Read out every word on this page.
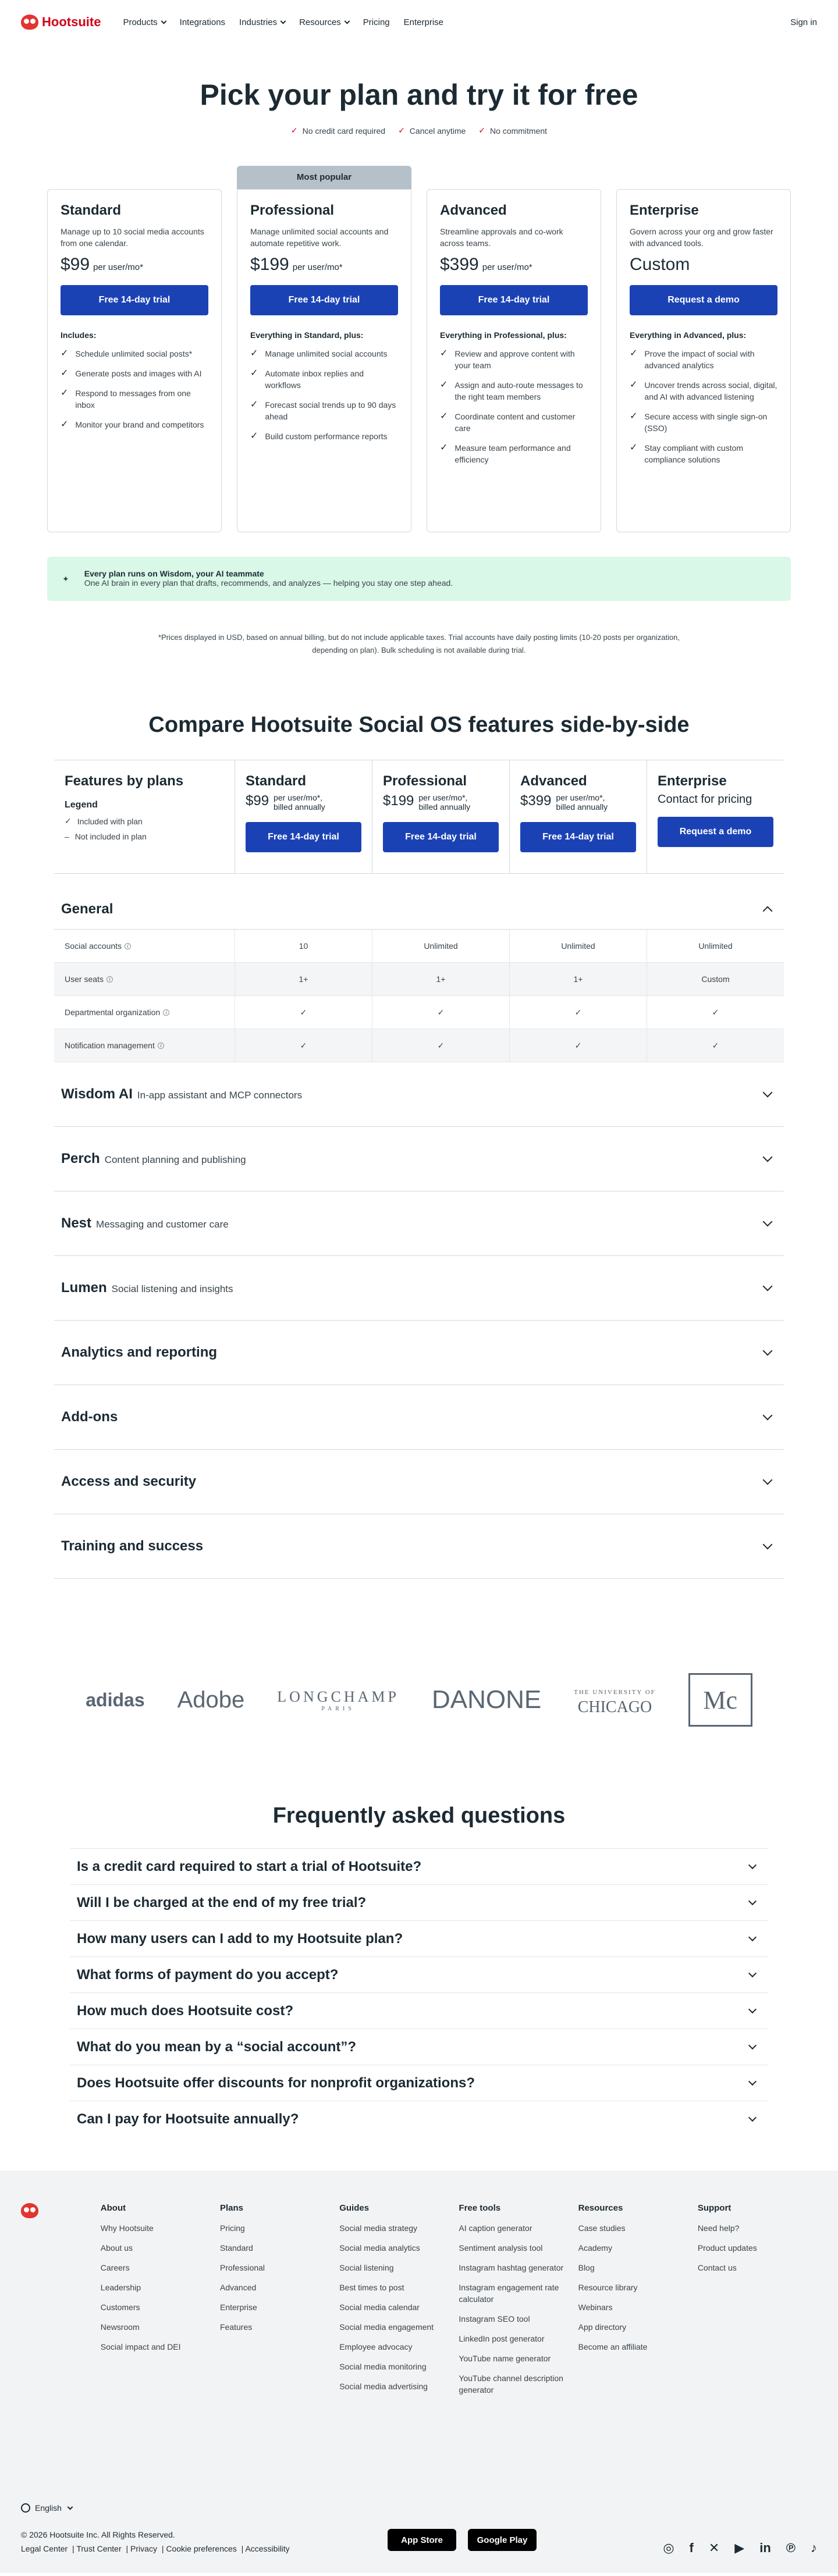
Hootsuite	Products	Integrations Industries	Resources	Pricing Enterprise	Sign in
Pick your plan and try it for free
✓ No credit card required ✓ Cancel anytime ✓ No commitment
Standard

Manage up to 10 social media accounts from one calendar.

$99 per user/mo*
Free 14-day trial

Includes:

✓ Schedule unlimited social posts*
✓ Generate posts and images with AI
✓ Respond to messages from one inbox
✓ Monitor your brand and competitors
Most popular
Professional

Manage unlimited social accounts and automate repetitive work.

$199 per user/mo*
Free 14-day trial

Everything in Standard, plus:

✓ Manage unlimited social accounts
✓ Automate inbox replies and workflows
✓ Forecast social trends up to 90 days ahead
✓ Build custom performance reports
Advanced

Streamline approvals and co-work across teams.

$399 per user/mo*
Free 14-day trial

Everything in Professional, plus:

✓ Review and approve content with your team
✓ Assign and auto-route messages to the right team members
✓ Coordinate content and customer care
✓ Measure team performance and efficiency
Enterprise

Govern across your org and grow faster with advanced tools.

Custom
Request a demo

Everything in Advanced, plus:

✓ Prove the impact of social with advanced analytics
✓ Uncover trends across social, digital, and AI with advanced listening
✓ Secure access with single sign-on (SSO)
✓ Stay compliant with custom compliance solutions
✦
Every plan runs on Wisdom, your AI teammate
One AI brain in every plan that drafts, recommends, and analyzes — helping you stay one step ahead.

*Prices displayed in USD, based on annual billing, but do not include applicable taxes. Trial accounts have daily posting limits (10-20 posts per organization, depending on plan). Bulk scheduling is not available during trial.

Compare Hootsuite Social OS features side-by-side
Features by plans

Legend

✓ Included with plan
– Not included in plan
Standard
$99 per user/mo*,
billed annually
Free 14-day trial
Professional
$199 per user/mo*,
billed annually
Free 14-day trial
Advanced
$399 per user/mo*,
billed annually
Free 14-day trial
Enterprise
Contact for pricing
Request a demo
General
Social accounts	i	10	Unlimited	Unlimited	Unlimited
User seats	i	1+	1+	1+	Custom
Departmental organization	i	✓	✓	✓	✓
Notification management	i	✓	✓	✓	✓
Wisdom AI In-app assistant and MCP connectors
Perch Content planning and publishing
Nest Messaging and customer care
Lumen Social listening and insights
Analytics and reporting
Add-ons
Access and security
Training and success
adidas Adobe LONGCHAMP

PARIS	DANONE	THE UNIVERSITY OF
CHICAGO	Mc
Frequently asked questions
Is a credit card required to start a trial of Hootsuite?
Will I be charged at the end of my free trial?
How many users can I add to my Hootsuite plan?
What forms of payment do you accept?
How much does Hootsuite cost?
What do you mean by a “social account”?
Does Hootsuite offer discounts for nonprofit organizations?
Can I pay for Hootsuite annually?
About
Why Hootsuite
About us
Careers
Leadership
Customers
Newsroom
Social impact and DEI
Plans
Pricing
Standard
Professional
Advanced
Enterprise
Features
Guides
Social media strategy
Social media analytics
Social listening
Best times to post
Social media calendar
Social media engagement
Employee advocacy
Social media monitoring
Social media advertising
Free tools
AI caption generator
Sentiment analysis tool
Instagram hashtag generator
Instagram engagement rate calculator
Instagram SEO tool
LinkedIn post generator
YouTube name generator
YouTube channel description generator
Resources
Case studies
Academy
Blog
Resource library
Webinars
App directory
Become an affiliate
Support
Need help?
Product updates
Contact us
English
© 2026 Hootsuite Inc. All Rights Reserved.
Legal Center | Trust Center | Privacy | Cookie preferences | Accessibility
App Store	Google Play
◎ f ✕ ▶ in ℗ ♪
